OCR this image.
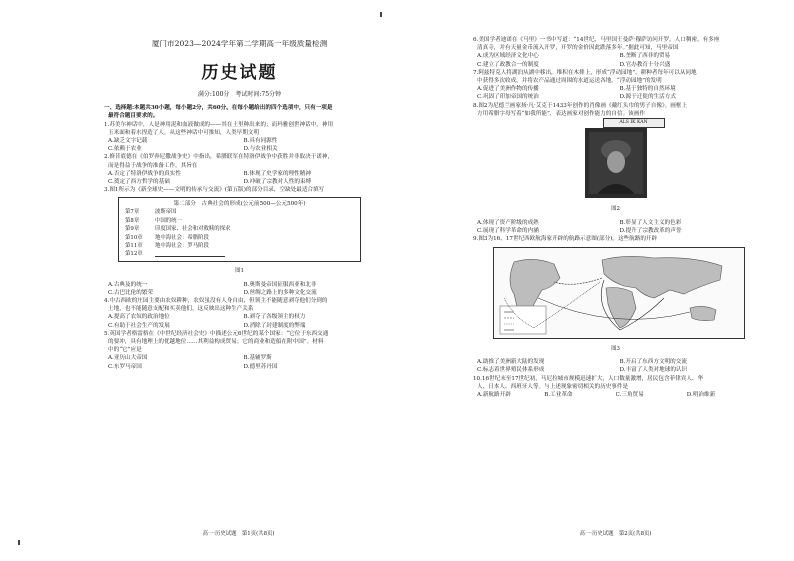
厦门市2023—2024学年第二学期高一年级质量检测

历史试题

满分:100分　考试时间:75分钟

一、选择题:本题共30小题，每小题2分，共60分。在每小题给出的四个选项中，只有一项是

最符合题目要求的。

1.苏美尔神话中，人是神用泥和血液做成的——其在土里种出来的；而玛雅创世神话中，神用

玉米面和着水捏造了人。从这些神话中可推知，人类早期文明

A.缺乏文字记载	B.具有同源性

C.依赖于农业	D.与农业相关

2.修昔底德在《伯罗奔尼撒战争史》中指出，希腊联军在特洛伊战争中获胜并非取决于诺神，

而是得益于战争的准备工作。其旨在

A.否定了特洛伊战争的真实性	B.体现了史学家的理性精神

C.奠定了西方哲学的基础	D.冲破了宗教对人性的束缚

3.图1所示为《新全球史——文明的传承与交流》(第五版)的部分目录，空缺处最适合填写

第二部分　古典社会的形成(公元前500—公元500年)
第7章	波斯帝国
第8章	中国的统一
第9章	印度国家、社会和对救赎的探求
第10章	地中海社会：希腊阶段
第11章	地中海社会：罗马阶段
第12章

图1

A.古典及的统一	B.奥斯曼帝国征服西亚和北非

C.古巴比伦的繁荣	D.丝绸之路上的多种文化交流

4.中古西欧的庄园主要由农奴耕种，农奴虽没有人身自由，但领主不能随意剥夺他们分到的

土地，也不能随意支配和买卖他们。这反映出这种生产关系

A.提高了农奴的政治地位	B.剥夺了各级领主的权力

C.有助于社会生产的发展	D.消除了封建制度的弊端

5.英国学者格雷格在《中世纪经济社会史》中描述公元6世纪的某个国家：“它位于东西交通

的要冲，具有地理上的优越地位……其利益构成贸易；它的商业和造船在附中国”。材料

中的“它”应是

A.亚历山大帝国	B.基辅罗斯

C.东罗马帝国	D.德里苏丹国

高一·历史试题　第1页(共8页)

6.美国学者迪诺在《马里》一书中写道：“14世纪，马里国王曼萨·穆萨访问开罗，人口稠密，有多座

清真寺，并有天量金币流入开罗，开罗的金价因此跌落多年。”据此可知，马里帝国

A.成为区域经济文化中心	B.垄断了西非的贸易

C.建立了政教合一的制度	D.官办教育十分兴盛

7.阿兹特克人将湖泊从湖中移出，堆积在木排上，形成“浮动园地”。耕种者每年可以从同地

中获得多次收成，并将农产品通过周围的水道运送各地。“浮动园地”的发明

A.促进了美洲作物的传播	B.基于独特的自然环境

C.巩固了印加帝国的统治	D.源于迁徙的生活方式

8.图2为尼德兰画家扬·凡·艾克于1433年创作的肖像画《戴红头巾的男子自像》。画框上

方用希腊字母写着“如我所能”，表达画家对创作能力的自信。该画作

ALS IK KAN

图2

A.体现了资产阶级的成熟	B.彰显了人文主义的色彩

C.展现了科学革命的内涵	D.提升了宗教改革的声誉

9.图3为16、17世纪西欧航海家开辟的航路示意图(部分)。这些航路的开辟

图3

A.助推了美洲新大陆的发现	B.开启了东西方文明的交流

C.标志着世界殖民体系形成	D.丰富了人类对地球的认识

10.16世纪末至17世纪初，马尼拉城市规模迅速扩大，人口数量激增，居民包含菲律宾人、华

人、日本人、西班牙人等。与上述现象密切相关的历史事件是

A.新航路开辟	B.工业革命	C.三角贸易	D.明治维新

高一·历史试题　第2页(共8页)
